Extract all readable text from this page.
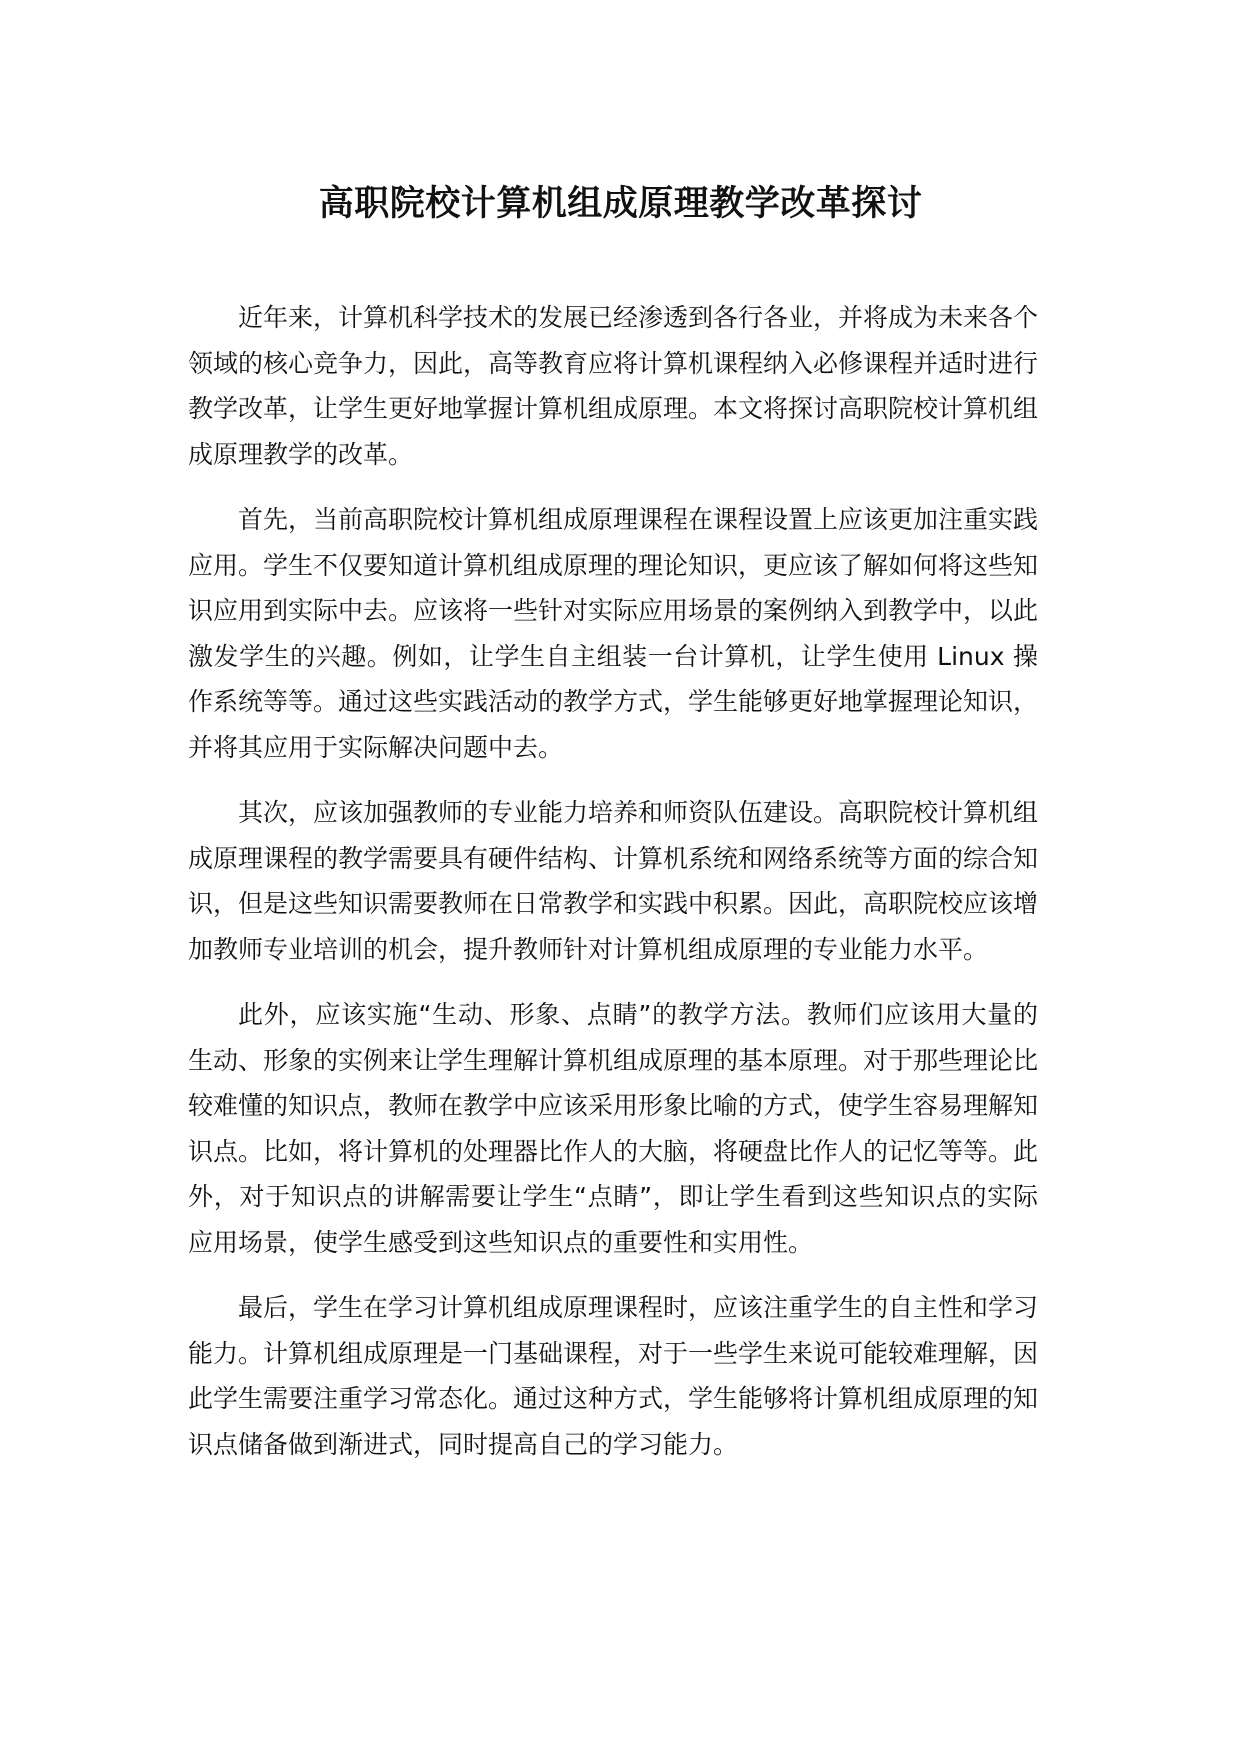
高职院校计算机组成原理教学改革探讨

近年来，计算机科学技术的发展已经渗透到各行各业，并将成为未来各个领域的核心竞争力，因此，高等教育应将计算机课程纳入必修课程并适时进行教学改革，让学生更好地掌握计算机组成原理。本文将探讨高职院校计算机组成原理教学的改革。

首先，当前高职院校计算机组成原理课程在课程设置上应该更加注重实践应用。学生不仅要知道计算机组成原理的理论知识，更应该了解如何将这些知识应用到实际中去。应该将一些针对实际应用场景的案例纳入到教学中，以此激发学生的兴趣。例如，让学生自主组装一台计算机，让学生使用 Linux 操作系统等等。通过这些实践活动的教学方式，学生能够更好地掌握理论知识，并将其应用于实际解决问题中去。

其次，应该加强教师的专业能力培养和师资队伍建设。高职院校计算机组成原理课程的教学需要具有硬件结构、计算机系统和网络系统等方面的综合知识，但是这些知识需要教师在日常教学和实践中积累。因此，高职院校应该增加教师专业培训的机会，提升教师针对计算机组成原理的专业能力水平。

此外，应该实施“生动、形象、点睛”的教学方法。教师们应该用大量的生动、形象的实例来让学生理解计算机组成原理的基本原理。对于那些理论比较难懂的知识点，教师在教学中应该采用形象比喻的方式，使学生容易理解知识点。比如，将计算机的处理器比作人的大脑，将硬盘比作人的记忆等等。此外，对于知识点的讲解需要让学生“点睛”，即让学生看到这些知识点的实际应用场景，使学生感受到这些知识点的重要性和实用性。

最后，学生在学习计算机组成原理课程时，应该注重学生的自主性和学习能力。计算机组成原理是一门基础课程，对于一些学生来说可能较难理解，因此学生需要注重学习常态化。通过这种方式，学生能够将计算机组成原理的知识点储备做到渐进式，同时提高自己的学习能力。
